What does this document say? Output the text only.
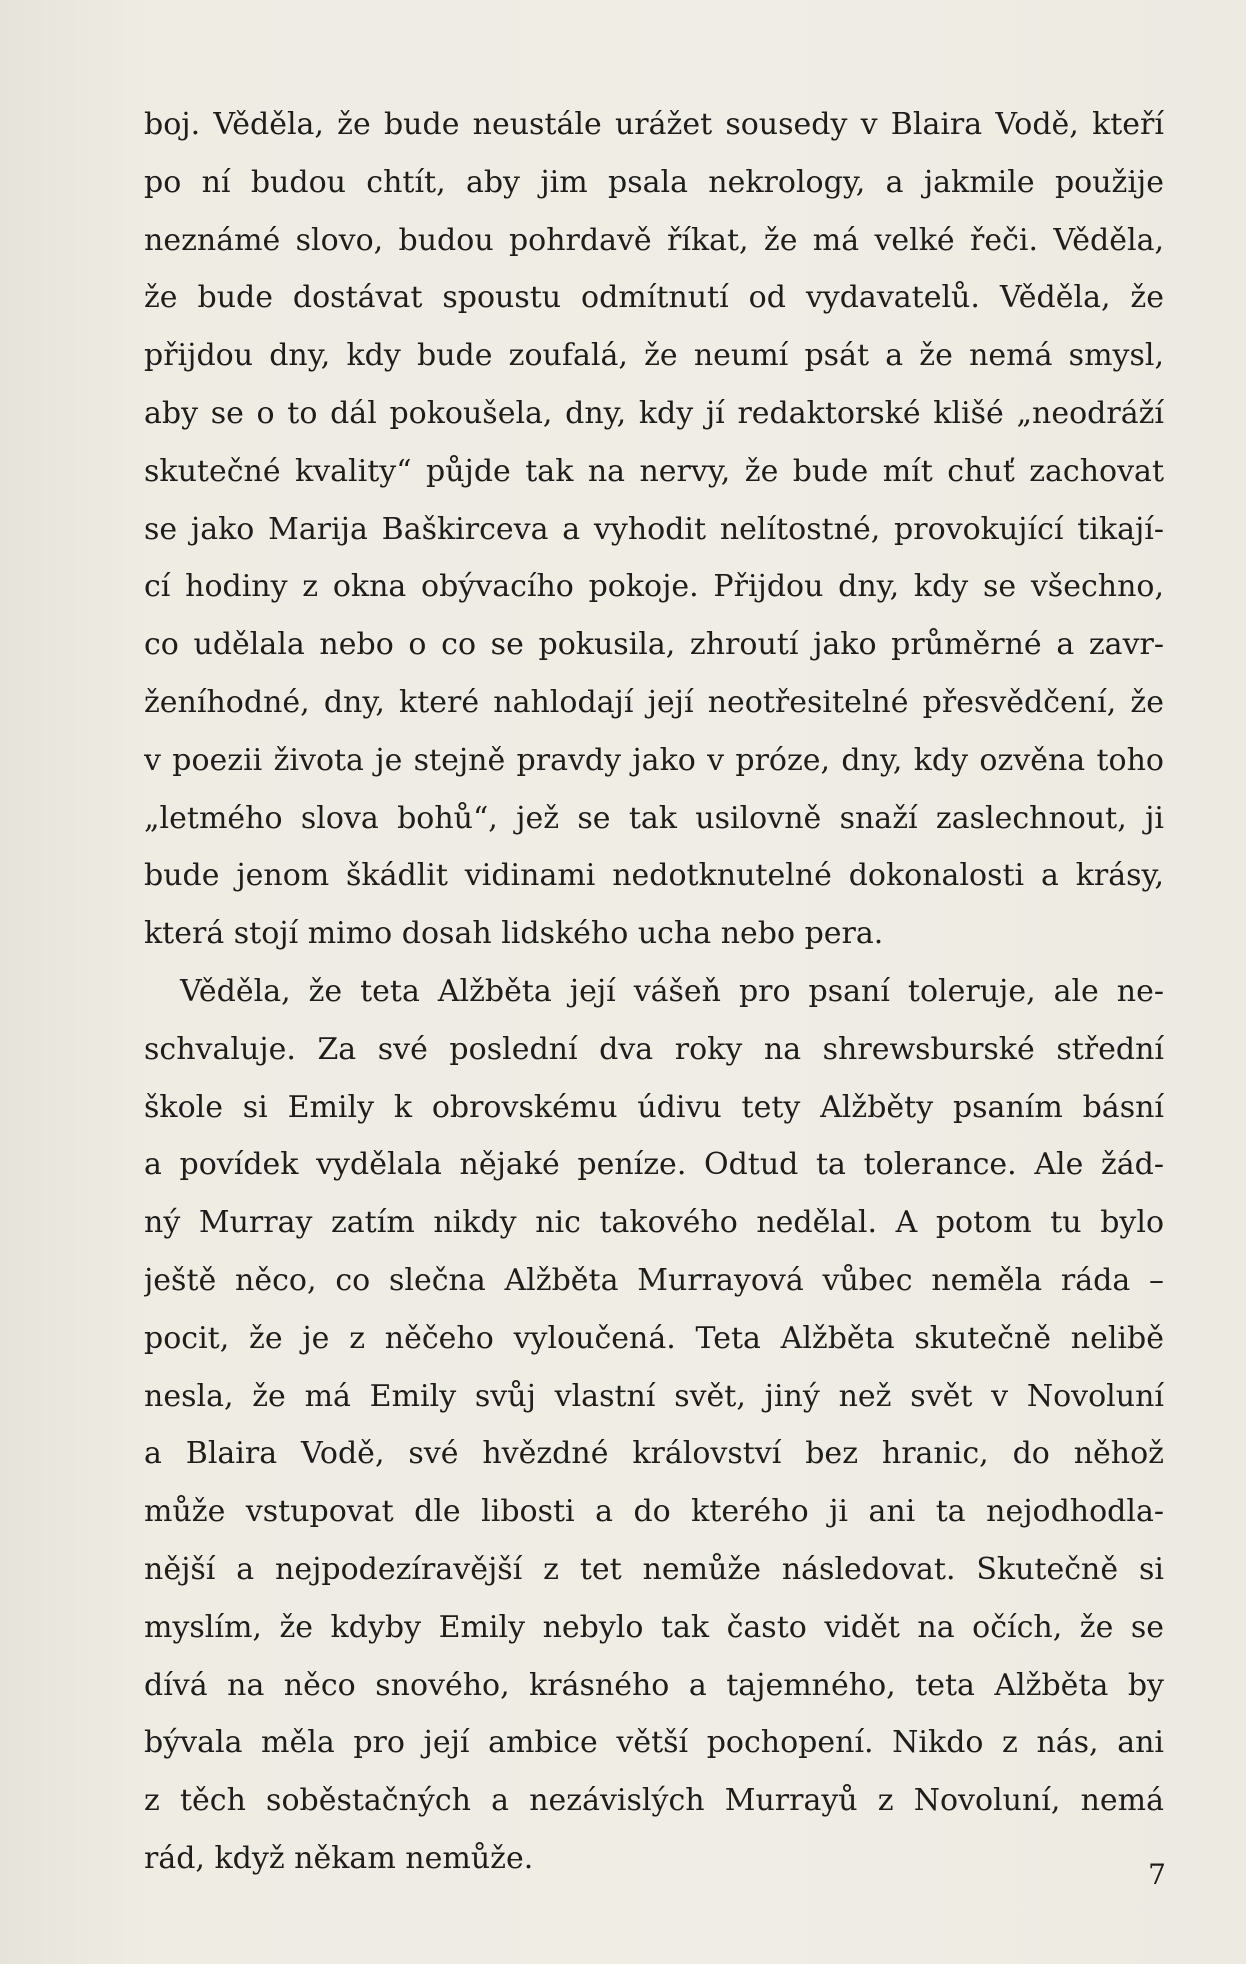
boj. Věděla, že bude neustále urážet sousedy v Blaira Vodě, kteří
po ní budou chtít, aby jim psala nekrology, a jakmile použije
neznámé slovo, budou pohrdavě říkat, že má velké řeči. Věděla,
že bude dostávat spoustu odmítnutí od vydavatelů. Věděla, že
přijdou dny, kdy bude zoufalá, že neumí psát a že nemá smysl,
aby se o to dál pokoušela, dny, kdy jí redaktorské klišé „neodráží
skutečné kvality“ půjde tak na nervy, že bude mít chuť zachovat
se jako Marija Baškirceva a vyhodit nelítostné, provokující tikají-
cí hodiny z okna obývacího pokoje. Přijdou dny, kdy se všechno,
co udělala nebo o co se pokusila, zhroutí jako průměrné a zavr-
ženíhodné, dny, které nahlodají její neotřesitelné přesvědčení, že
v poezii života je stejně pravdy jako v próze, dny, kdy ozvěna toho
„letmého slova bohů“, jež se tak usilovně snaží zaslechnout, ji
bude jenom škádlit vidinami nedotknutelné dokonalosti a krásy,
která stojí mimo dosah lidského ucha nebo pera.
Věděla, že teta Alžběta její vášeň pro psaní toleruje, ale ne-
schvaluje. Za své poslední dva roky na shrewsburské střední
škole si Emily k obrovskému údivu tety Alžběty psaním básní
a povídek vydělala nějaké peníze. Odtud ta tolerance. Ale žád-
ný Murray zatím nikdy nic takového nedělal. A potom tu bylo
ještě něco, co slečna Alžběta Murrayová vůbec neměla ráda –
pocit, že je z něčeho vyloučená. Teta Alžběta skutečně nelibě
nesla, že má Emily svůj vlastní svět, jiný než svět v Novoluní
a Blaira Vodě, své hvězdné království bez hranic, do něhož
může vstupovat dle libosti a do kterého ji ani ta nejodhodla-
nější a nejpodezíravější z tet nemůže následovat. Skutečně si
myslím, že kdyby Emily nebylo tak často vidět na očích, že se
dívá na něco snového, krásného a tajemného, teta Alžběta by
bývala měla pro její ambice větší pochopení. Nikdo z nás, ani
z těch soběstačných a nezávislých Murrayů z Novoluní, nemá
rád, když někam nemůže.	7
